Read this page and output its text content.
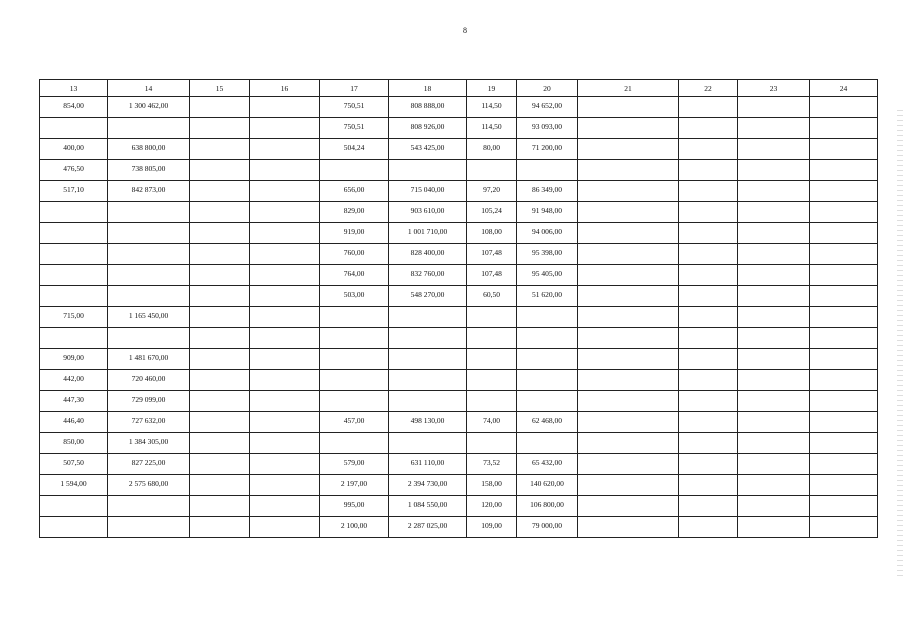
8
13	14	15	16	17	18	19	20	21	22	23	24
854,00	1 300 462,00			750,51	808 888,00	114,50	94 652,00				
				750,51	808 926,00	114,50	93 093,00				
400,00	638 800,00			504,24	543 425,00	80,00	71 200,00				
476,50	738 805,00										
517,10	842 873,00			656,00	715 040,00	97,20	86 349,00				
				829,00	903 610,00	105,24	91 948,00				
				919,00	1 001 710,00	108,00	94 006,00				
				760,00	828 400,00	107,48	95 398,00				
				764,00	832 760,00	107,48	95 405,00				
				503,00	548 270,00	60,50	51 620,00				
715,00	1 165 450,00										

909,00	1 481 670,00										
442,00	720 460,00										
447,30	729 099,00										
446,40	727 632,00			457,00	498 130,00	74,00	62 468,00				
850,00	1 384 305,00										
507,50	827 225,00			579,00	631 110,00	73,52	65 432,00				
1 594,00	2 575 680,00			2 197,00	2 394 730,00	158,00	140 620,00				
				995,00	1 084 550,00	120,00	106 800,00				
				2 100,00	2 287 025,00	109,00	79 000,00				
